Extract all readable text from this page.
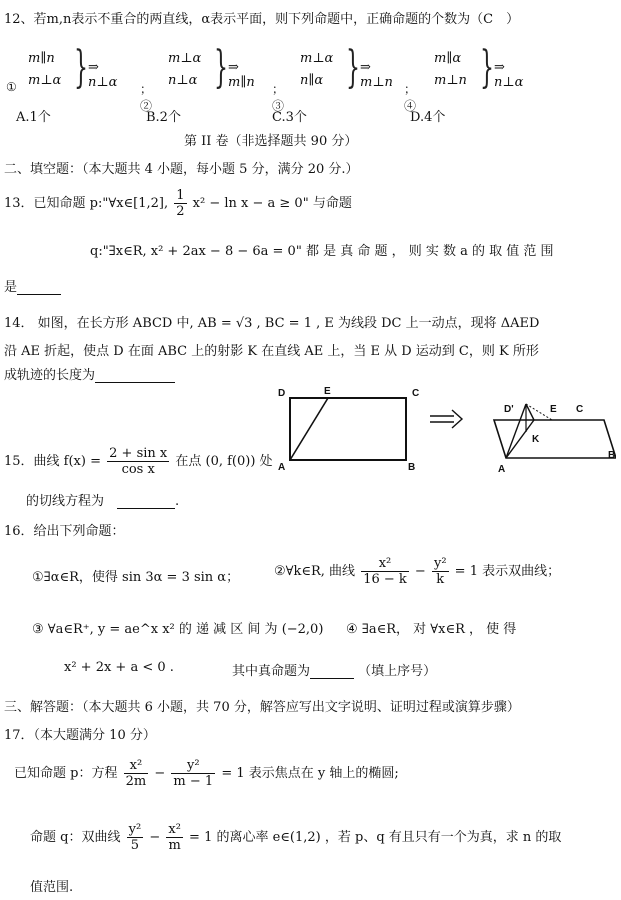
12、若m,n表示不重合的两直线，α表示平面，则下列命题中，正确命题的个数为（C　）
①
m∥n
m⊥α } ⇒ n⊥α ；②
m⊥α
n⊥α } ⇒ m∥n ；③
m⊥α
n∥α } ⇒ m⊥n ；④
m∥α
m⊥n } ⇒ n⊥α
A.1个	B.2个	C.3个	D.4个
第 II 卷（非选择题共 90 分）
二、填空题：（本大题共 4 小题，每小题 5 分，满分 20 分.）
13．已知命题 p:"∀x∈[1,2], $\frac{1}{2} x^2 - \ln x - a \ge 0$" 与命题
q:"∃x∈R, x² + 2ax − 8 − 6a = 0" 都 是 真 命 题 ， 则 实 数 a 的 取 值 范 围
是
14． 如图，在长方形 ABCD 中, AB = √3 , BC = 1 , E 为线段 DC 上一动点，现将 ΔAED
沿 AE 折起，使点 D 在面 ABC 上的射影 K 在直线 AE 上，当 E 从 D 运动到 C，则 K 所形
成轨迹的长度为
D	E	C
A	B
D'	E C
K
A
B
15．曲线 $f(x) = \frac{\text{2 + sin x}}{\text{cos x}}$ 在点 (0, f(0)) 处
的切线方程为　	.
16．给出下列命题：
①∃α∈R，使得 sin 3α = 3 sin α；	②∀k∈R, 曲线 $\frac{\text{x²}}{16 - k} - \frac{\text{y²}}{k} = 1$ 表示双曲线；
③ ∀a∈R⁺, y = ae^x x² 的 递 减 区 间 为 (−2,0) ④ ∃a∈R， 对 ∀x∈R ， 使 得
x² + 2x + a < 0 .	其中真命题为	（填上序号）
三、解答题：（本大题共 6 小题，共 70 分，解答应写出文字说明、证明过程或演算步骤）
17．（本大题满分 10 分）
已知命题 p：方程 $\frac{\text{x²}}{2m} - \frac{\text{y²}}{m - 1} = 1$ 表示焦点在 y 轴上的椭圆;
命题 q：双曲线 $\frac{\text{y²}}{5} - \frac{\text{x²}}{m} = 1$ 的离心率 e∈(1,2) ，若 p、q 有且只有一个为真，求 n 的取
值范围.
